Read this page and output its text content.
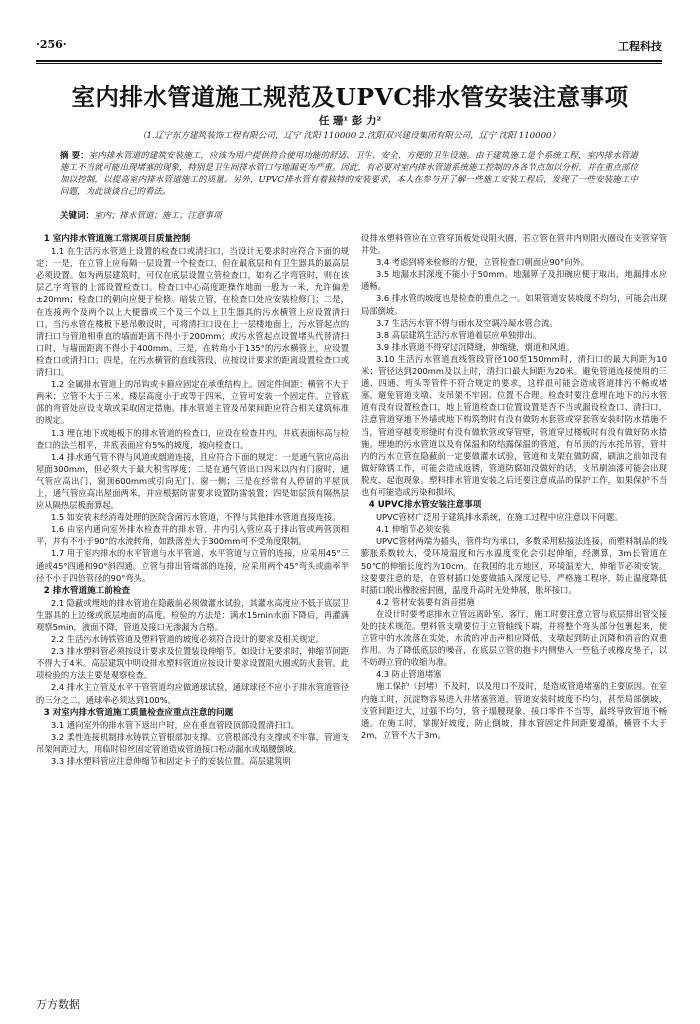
·256·	工程科技
室内排水管道施工规范及UPVC排水管安装注意事项
任 珊¹ 彭 力²
（1.辽宁东方建筑装饰工程有限公司，辽宁 沈阳 110000 2.沈阳双兴建设集团有限公司，辽宁 沈阳 110000）
摘 要：室内排水管道的建筑安装施工，应该为用户提供符合使用功能的舒适、卫生、安全、方便的卫生设施。由于建筑施工是个系统工程，室内排水管道施工不当就可能出现堵塞的现象，特别是卫生间排水管口与地漏更为严重。因此，有必要对室内排水管道系统施工控制的各各节点加以分析，并在重点部位加以控制，以提高室内排水管道施工的质量。另外，UPVC排水管有着独特的安装要求，本人在参与开了解一些施工安装工程后，发现了一些安装施工中问题，为此谈谈自己的看法。
关键词：室内；排水管道；施工；注意事项
1 室内排水管道施工常规项目质量控制

1.1 在生活污水管道上设置的检查口或清扫口，当设计无要求时应符合下面的规定：一是，在立管上应每隔一层设置一个检查口，但在最底层和有卫生器具的最高层必须设置。如为两层建筑时，可仅在底层设置立管检查口，如有乙字弯管时，则在该层乙字弯管的上部设置检查口。检查口中心高度距操作地面一般为一米，允许偏差±20mm；检查口的朝向应便于检修。暗装立管，在检查口处应安装检修门；二是，在连接两个及两个以上大便器或三个及三个以上卫生器具的污水横管上应设置清扫口。当污水管在楼板下悬吊敷设时，可将清扫口设在上一层楼地面上，污水管起点的清扫口与管道相垂直的墙面距离不得小于200mm；或污水管起点设置堵头代替清扫口时，与墙面距离不得小于400mm。三是，在转角小于135°的污水横管上，应设置检查口或清扫口；四是，在污水横管的直线管段，应按设计要求的距离设置检查口或清扫口。

1.2 金属排水管道上的吊钩或卡箍应固定在承重结构上。固定件间距：横管不大于两米；立管不大于三米。楼层高度小于或等于四米，立管可安装一个固定件。立管底部的弯管处应设支墩或采取固定措施。排水管道主管及吊架间距应符合相关建筑标准的规定。

1.3 埋在地下或地板下的排水管道的检查口，应设在检查井内。井底表面标高与检查口的法兰相平，井底表面应有5%的坡度，坡向检查口。

1.4 排水通气管不得与风道或烟道连接，且应符合下面的规定：一是通气管应高出屋面300mm，但必须大于最大积雪厚度；二是在通气管出口四米以内有门窗时，通气管应高出门、窗顶600mm或引向无门、窗一侧；三是在经常有人停留的平屋顶上，通气管应高出屋面两米，并应根据防雷要求设置防雷装置；四是如层顶有隔热层应从隔热层板面算起。

1.5 如安装未经消毒处理的医院含菌污水管道，不得与其他排水管道直接连接。

1.6 由室内通向室外排水检查井的排水管，井内引入管应高于排出管或两管顶相平，并有不小于90°的水流转角，如跌落差大于300mm可不受角度限制。

1.7 用于室内排水的水平管道与水平管道、水平管道与立管的连接，应采用45°三通或45°四通和90°斜四通。立管与排出管端部的连接，应采用两个45°弯头或曲率半径不小于四倍管径的90°弯头。

2 排水管道施工前检查

2.1 隐蔽或埋地的排水管道在隐蔽前必须做灌水试验，其灌水高度应不低于底层卫生器具的上边缘或底层地面的高度。检验的方法是：满水15min水面下降后，再灌满观察5min，液面不降，管道及接口无渗漏为合格。

2.2 生活污水铸铁管道及塑料管道的坡度必须符合设计的要求及相关规定。

2.3 排水塑料管必须按设计要求及位置装设伸缩节。如设计无要求时，伸缩节间距不得大于4米。高层建筑中明设排水塑料管道应按设计要求设置阻火圈或防火套管。此项检验的方法主要是观察检查。

2.4 排水主立管及水平干管管道均应做通球试验，通球球径不应小于排水管道管径的三分之二，通球率必须达到100%。

3 对室内排水管道施工质量检查应重点注意的问题

3.1 通向室外的排水管下返出户时，应在垂直管段顶部设置清扫口。

3.2 柔性连接机制排水铸铁立管根部加支撑。立管根部没有支撑或不牢靠，管道支吊架间距过大，用临时铅丝固定管道造成管道接口松动漏水或塌腰倒坡。

3.3 排水塑料管应注意伸缩节和固定卡子的安装位置。高层建筑明

设排水塑料管应在立管穿顶板处设阻火圈，若立管在管井内则阻火圈设在支管穿管井处。

3.4 考虑到将来检修的方便，立管检查口朝面应90°向外。

3.5 地漏水封深度不能小于50mm。地漏箅子及扣碗应便于取出，地漏排水应通畅。

3.6 排水管的坡度也是检查的重点之一。如果管道安装坡度不均匀，可能会出现局部倒坡。

3.7 生活污水管不得与雨水及空调冷凝水管合流。

3.8 高层建筑生活污水管道着层应单独排出。

3.9 排水管道不得穿过沉降缝，伸缩缝，烟道和风道。

3.10 生活污水管道直线管段管径100至150mm时，清扫口的最大间距为10米；管径达到200mm及以上时，清扫口最大间距为20米。避免管道连接使用的三通、四通、弯头等管件不符合规定的要求，这样很可能会造成管道排污不畅或堵塞。避免管道支墩、支吊架不牢固、位置不合理。检查时要注意埋在地下的污水管道有没有设置检查口，地上管道检查口位置设置是否不当或漏设检查口、清扫口，注意管道穿地下外墙或地下构筑物时有没有做防水套管或穿套管安装时防水措施不当，管道穿越变形缝时有没有做软管或穿管壁，管道穿过楼板时有没有做好防水措施。埋地的污水管道以及有保温和防结露保温的管道，有吊顶的污水托吊管，管井内的污水立管在隐蔽前一定要做灌水试验，管道和支架在做防腐，刷油之前如没有做好除锈工作，可能会造成返锈，管道防腐如没做好的话，支吊刷油漆可能会出现脱皮、起泡现象。塑料排水管道安装之后还要注意成品的保护工作，如果保护不当也有可能造成污染和损坏。

4 UPVC排水管安装注意事项

UPVC管材广泛用于建筑排水系统，在施工过程中应注意以下问题。

4.1 伸缩节必须安装

UPVC管材两端为插头，管件均为承口，多数采用粘接法连接，而塑料制品的线膨胀系数较大，受环境温度和污水温度变化会引起伸缩，经测算，3m长管道在50℃的伸缩长度约为10cm。在我国的北方地区，环境温差大，伸缩节必须安装。这要要注意的是，在管材插口处要做插入深度记号，严格施工程序，防止温度降低时插口脱出橡胶密封圈，温度升高时无处伸展，胀坏接口。

4.2 管材安装要有消音措施

在设计时要考虑排水立管远离卧室、客厅，施工时要注意立管与底层排出管交接处的技术规范。塑料管支墩要位于立管轴线下端，并将整个弯头部分包裹起来，使立管中的水流落在实处，水流的冲击声相应降低，支墩起到防止沉降和消音的双重作用。为了降低底层的噪音，在底层立管的抱卡内侧垫入一些毡子或橡皮垫子，以不妨碍立管的收缩为准。

4.3 防止管道堵塞

施工保护（封堵）不及时，以及甩口不及时，是造成管道堵塞的主要原因。在室内施工时，沉淀物容易进入并堵塞管道，管道安装时坡度不均匀，甚至局部倒坡，支管间距过大，过强不均匀，管子塌腰现象，接口零件不当等，最终导致管道不畅通。在施工时，掌握好坡度，防止倒坡，排水管固定件间距要遵循，横管不大于2m，立管不大于3m。

万方数据
